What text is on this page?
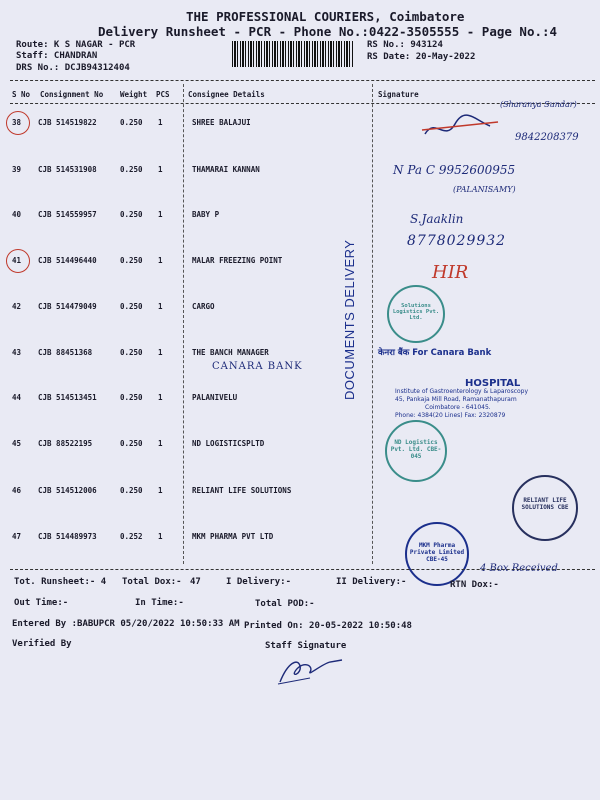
THE PROFESSIONAL COURIERS, Coimbatore
Delivery Runsheet - PCR - Phone No.:0422-3505555 - Page No.:4
Route: K S NAGAR - PCR
Staff: CHANDRAN
DRS No.: DCJB94312404
RS No.: 943124
RS Date: 20-May-2022
S No Consignment No Weight PCS Consignee Details	Signature
38 CJB 514519822	0.250 1	SHREE BALAJUI
39 CJB 514531908	0.250 1	THAMARAI KANNAN
40 CJB 514559957	0.250 1	BABY P
41 CJB 514496440	0.250 1	MALAR FREEZING POINT
42 CJB 514479049	0.250 1	CARGO
43 CJB 88451368	0.250 1	THE BANCH MANAGER
44 CJB 514513451	0.250 1	PALANIVELU
45 CJB 88522195	0.250 1	ND LOGISTICSPLTD
46 CJB 514512006	0.250 1	RELIANT LIFE SOLUTIONS
47 CJB 514489973	0.252 1	MKM PHARMA PVT LTD
(Sharanya Sundar)
9842208379
N Pa C 9952600955
(PALANISAMY)
S.Jaaklin
8778029932
HIR
CANARA BANK
4 Box Received
DOCUMENTS DELIVERY	Solutions Logistics Pvt. Ltd.
केनरा बैंक For Canara Bank
HOSPITAL
Institute of Gastroenterology & Laparoscopy
45, Pankaja Mill Road, Ramanathapuram
Coimbatore - 641045.
Phone: 4384(20 Lines) Fax: 2320879
ND Logistics Pvt. Ltd. CBE-045
RELIANT LIFE SOLUTIONS CBE
MKM Pharma Private Limited CBE-45
Tot. Runsheet:- 4 Total Dox:- 47	I Delivery:-	II Delivery:-	RTN Dox:-
Out Time:-	In Time:-	Total POD:-
Entered By :BABUPCR 05/20/2022 10:50:33 AM Printed On: 20-05-2022 10:50:48
Verified By	Staff Signature
